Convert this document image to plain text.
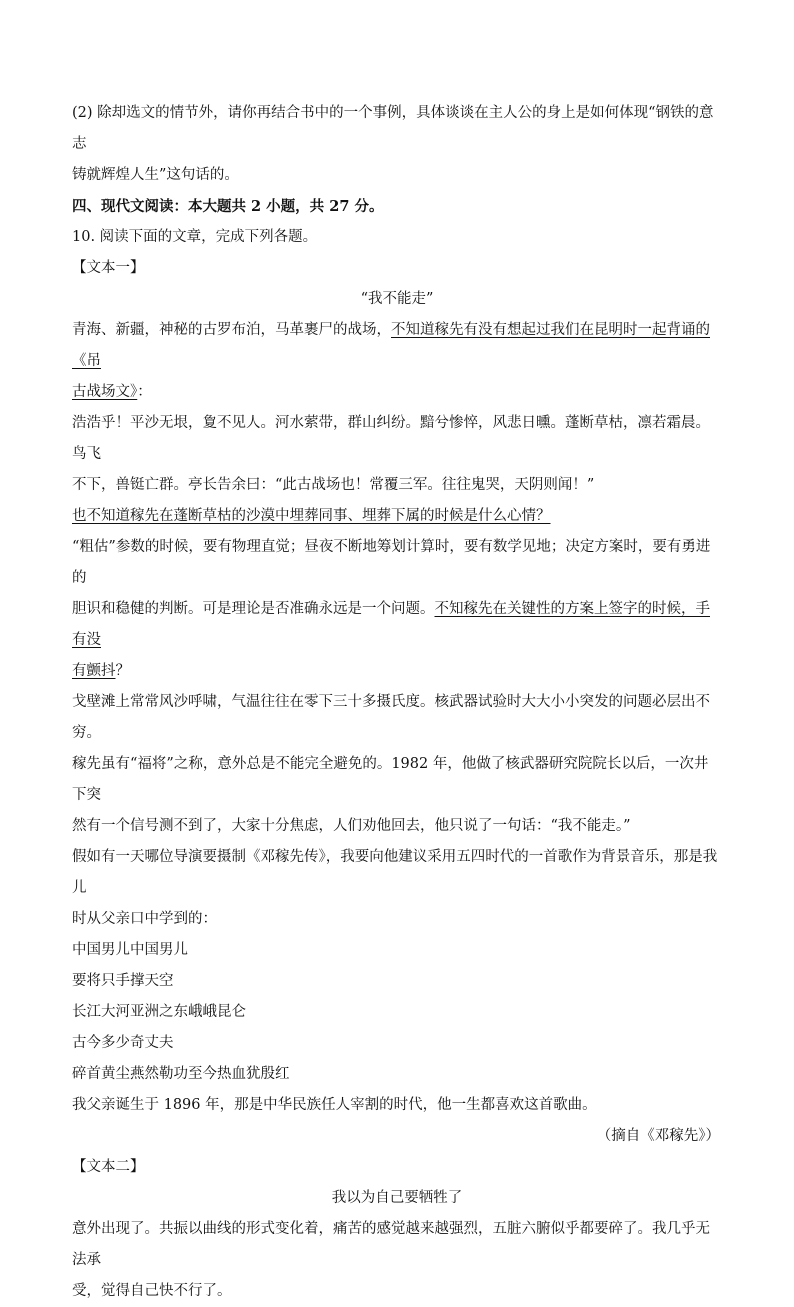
(2) 除却选文的情节外，请你再结合书中的一个事例，具体谈谈在主人公的身上是如何体现“钢铁的意志

铸就辉煌人生”这句话的。

四、现代文阅读：本大题共 2 小题，共 27 分。

10. 阅读下面的文章，完成下列各题。

【文本一】

“我不能走”

青海、新疆，神秘的古罗布泊，马革裹尸的战场，不知道稼先有没有想起过我们在昆明时一起背诵的《吊

古战场文》：

浩浩乎！平沙无垠，夐不见人。河水萦带，群山纠纷。黯兮惨悴，风悲日曛。蓬断草枯，凛若霜晨。鸟飞

不下，兽铤亡群。亭长告余曰：“此古战场也！常覆三军。往往鬼哭，天阴则闻！”

也不知道稼先在蓬断草枯的沙漠中埋葬同事、埋葬下属的时候是什么心情？

“粗估”参数的时候，要有物理直觉；昼夜不断地筹划计算时，要有数学见地；决定方案时，要有勇进的

胆识和稳健的判断。可是理论是否准确永远是一个问题。不知稼先在关键性的方案上签字的时候，手有没

有颤抖？

戈壁滩上常常风沙呼啸，气温往往在零下三十多摄氏度。核武器试验时大大小小突发的问题必层出不穷。

稼先虽有“福将”之称，意外总是不能完全避免的。1982 年，他做了核武器研究院院长以后，一次井下突

然有一个信号测不到了，大家十分焦虑，人们劝他回去，他只说了一句话：“我不能走。”

假如有一天哪位导演要摄制《邓稼先传》，我要向他建议采用五四时代的一首歌作为背景音乐，那是我儿

时从父亲口中学到的：

中国男儿中国男儿

要将只手撑天空

长江大河亚洲之东峨峨昆仑

古今多少奇丈夫

碎首黄尘燕然勒功至今热血犹殷红

我父亲诞生于 1896 年，那是中华民族任人宰割的时代，他一生都喜欢这首歌曲。

（摘自《邓稼先》）

【文本二】

我以为自己要牺牲了

意外出现了。共振以曲线的形式变化着，痛苦的感觉越来越强烈，五脏六腑似乎都要碎了。我几乎无法承

受，觉得自己快不行了。
